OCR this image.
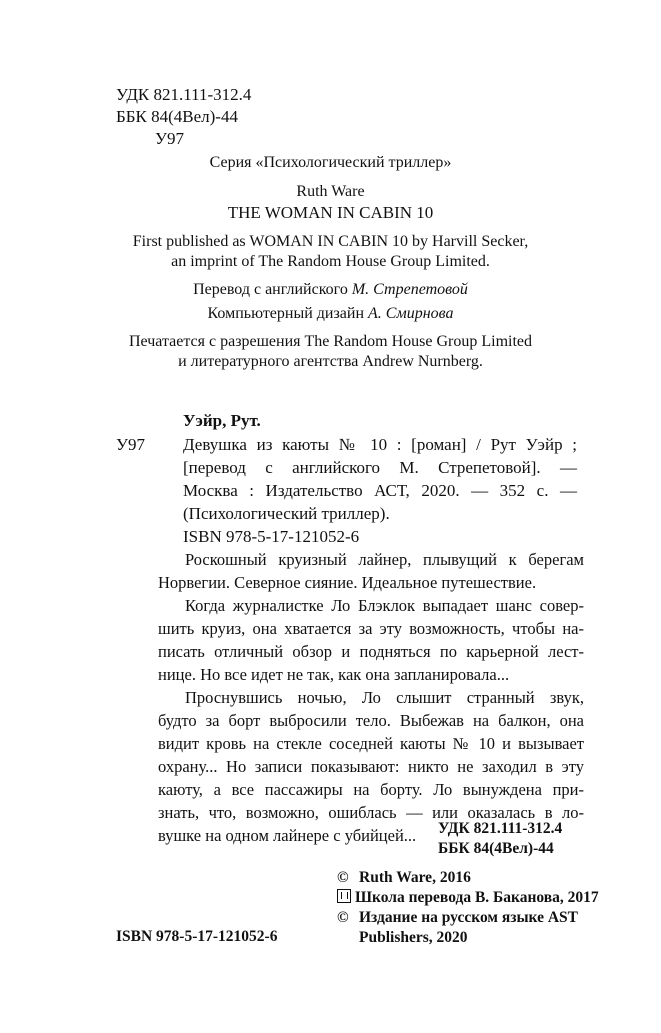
УДК 821.111-312.4
ББК 84(4Вел)-44
У97
Серия «Психологический триллер»
Ruth Ware
THE WOMAN IN CABIN 10
First published as WOMAN IN CABIN 10 by Harvill Secker,
an imprint of The Random House Group Limited.
Перевод с английского М. Стрепетовой
Компьютерный дизайн А. Смирнова
Печатается с разрешения The Random House Group Limited
и литературного агентства Andrew Nurnberg.
Уэйр, Рут.
У97 Девушка из каюты № 10 : [роман] / Рут Уэйр ;
[перевод с английского М. Стрепетовой]. —
Москва : Издательство АСТ, 2020. — 352 с. —
(Психологический триллер).
ISBN 978-5-17-121052-6
Роскошный круизный лайнер, плывущий к берегам
Норвегии. Северное сияние. Идеальное путешествие.
Когда журналистке Ло Блэклок выпадает шанс совер-
шить круиз, она хватается за эту возможность, чтобы на-
писать отличный обзор и подняться по карьерной лест-
нице. Но все идет не так, как она запланировала...
Проснувшись ночью, Ло слышит странный звук,
будто за борт выбросили тело. Выбежав на балкон, она
видит кровь на стекле соседней каюты № 10 и вызывает
охрану... Но записи показывают: никто не заходил в эту
каюту, а все пассажиры на борту. Ло вынуждена при-
знать, что, возможно, ошиблась — или оказалась в ло-
вушке на одном лайнере с убийцей...	УДК 821.111-312.4
ББК 84(4Вел)-44
© Ruth Ware, 2016
Школа перевода В. Баканова, 2017
© Издание на русском языке AST
Publishers, 2020
ISBN 978-5-17-121052-6
